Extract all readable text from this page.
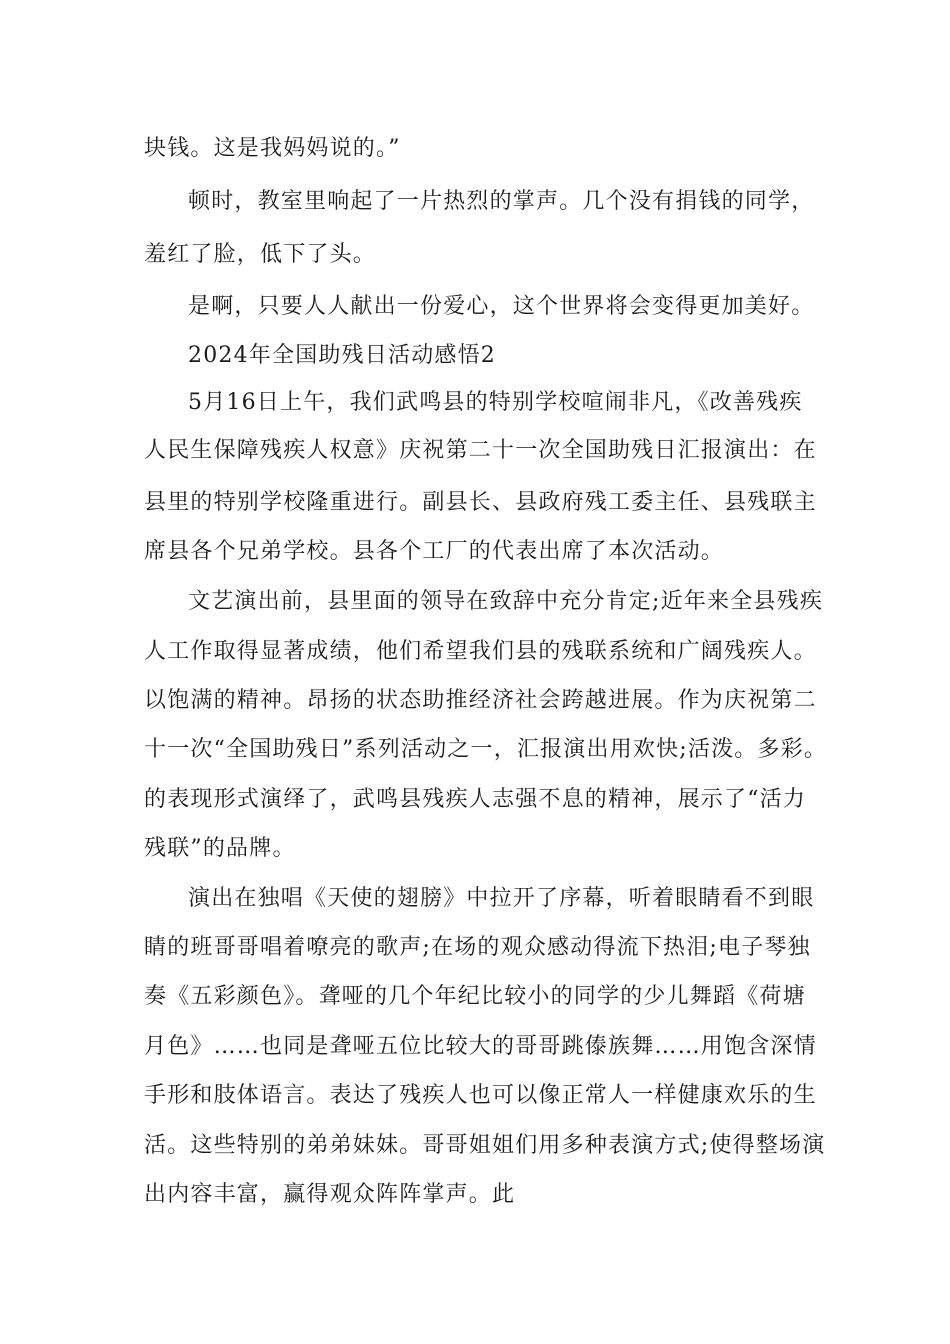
块钱。这是我妈妈说的。”
顿时，教室里响起了一片热烈的掌声。几个没有捐钱的同学，
羞红了脸，低下了头。
是啊，只要人人献出一份爱心，这个世界将会变得更加美好。
2024年全国助残日活动感悟2
5月16日上午，我们武鸣县的特别学校喧闹非凡，《改善残疾
人民生保障残疾人权意》庆祝第二十一次全国助残日汇报演出：在
县里的特别学校隆重进行。副县长、县政府残工委主任、县残联主
席县各个兄弟学校。县各个工厂的代表出席了本次活动。
文艺演出前，县里面的领导在致辞中充分肯定;近年来全县残疾
人工作取得显著成绩，他们希望我们县的残联系统和广阔残疾人。
以饱满的精神。昂扬的状态助推经济社会跨越进展。作为庆祝第二
十一次“全国助残日”系列活动之一，汇报演出用欢快;活泼。多彩。
的表现形式演绎了，武鸣县残疾人志强不息的精神，展示了“活力
残联”的品牌。
演出在独唱《天使的翅膀》中拉开了序幕，听着眼睛看不到眼
睛的班哥哥唱着嘹亮的歌声;在场的观众感动得流下热泪;电子琴独
奏《五彩颜色》。聋哑的几个年纪比较小的同学的少儿舞蹈《荷塘
月色》……也同是聋哑五位比较大的哥哥跳傣族舞……用饱含深情
手形和肢体语言。表达了残疾人也可以像正常人一样健康欢乐的生
活。这些特别的弟弟妹妹。哥哥姐姐们用多种表演方式;使得整场演
出内容丰富，赢得观众阵阵掌声。此
